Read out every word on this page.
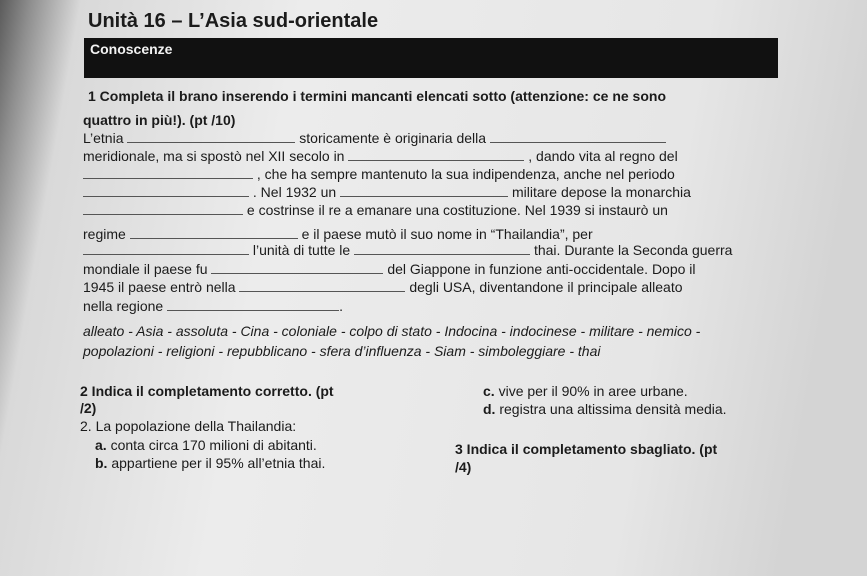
Unità 16 – L’Asia sud-orientale
Conoscenze
1 Completa il brano inserendo i termini mancanti elencati sotto (attenzione: ce ne sono
quattro in più!). (pt /10)
L’etnia	storicamente è originaria della
meridionale, ma si spostò nel XII secolo in	, dando vita al regno del
, che ha sempre mantenuto la sua indipendenza, anche nel periodo
. Nel 1932 un	militare depose la monarchia
e costrinse il re a emanare una costituzione. Nel 1939 si instaurò un
regime	e il paese mutò il suo nome in “Thailandia”, per
l’unità di tutte le	thai. Durante la Seconda guerra
mondiale il paese fu	del Giappone in funzione anti-occidentale. Dopo il
1945 il paese entrò nella	degli USA, diventandone il principale alleato
nella regione	.
alleato - Asia - assoluta - Cina - coloniale - colpo di stato - Indocina - indocinese - militare - nemico -
popolazioni - religioni - repubblicano - sfera d’influenza - Siam - simboleggiare - thai
2 Indica il completamento corretto. (pt
/2)
2. La popolazione della Thailandia:
a. conta circa 170 milioni di abitanti.
b. appartiene per il 95% all’etnia thai.
c. vive per il 90% in aree urbane.
d. registra una altissima densità media.
3 Indica il completamento sbagliato. (pt
/4)
